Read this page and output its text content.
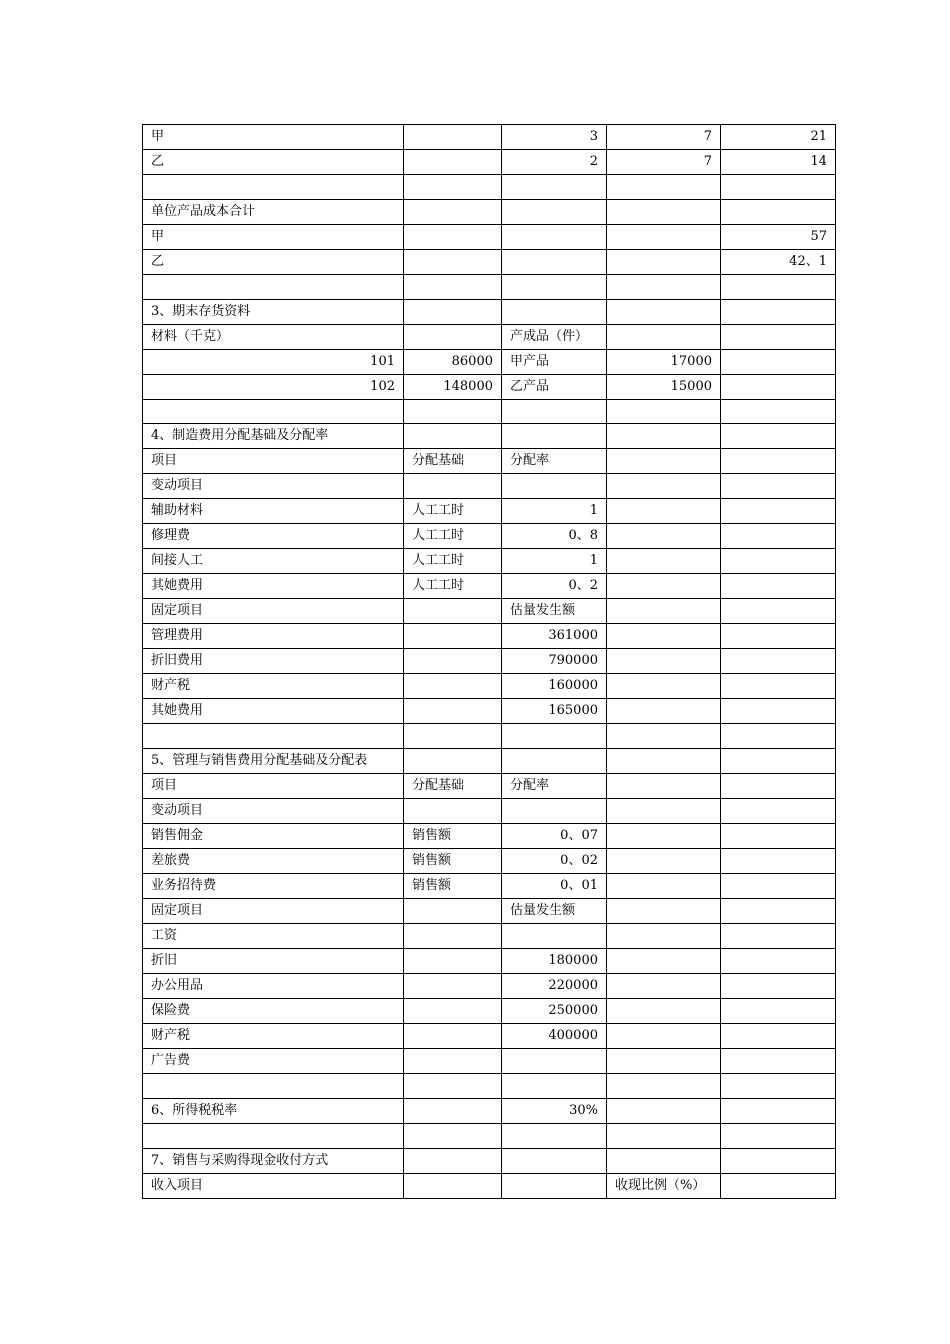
甲		3	7	21
乙		2	7	14

单位产品成本合计				
甲				57
乙				42、1

3、期末存货资料				
材料（千克）		产成品（件）		
101	86000	甲产品	17000	
102	148000	乙产品	15000	

4、制造费用分配基础及分配率				
项目	分配基础	分配率		
变动项目				
辅助材料	人工工时	1		
修理费	人工工时	0、8		
间接人工	人工工时	1		
其她费用	人工工时	0、2		
固定项目		估量发生额		
管理费用		361000		
折旧费用		790000		
财产税		160000		
其她费用		165000		

5、管理与销售费用分配基础及分配表				
项目	分配基础	分配率		
变动项目				
销售佣金	销售额	0、07		
差旅费	销售额	0、02		
业务招待费	销售额	0、01		
固定项目		估量发生额		
工资				
折旧		180000		
办公用品		220000		
保险费		250000		
财产税		400000		
广告费				

6、所得税税率		30%		

7、销售与采购得现金收付方式				
收入项目			收现比例（%）	
